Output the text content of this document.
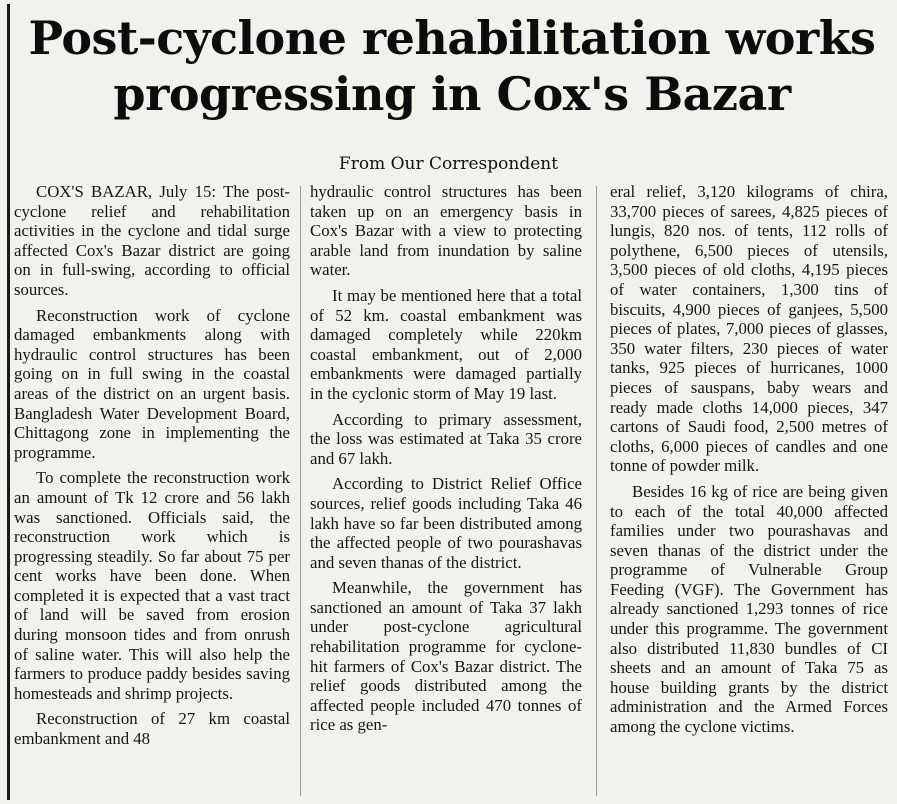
Post-cyclone rehabilitation works progressing in Cox's Bazar
From Our Correspondent

COX'S BAZAR, July 15: The post-cyclone relief and rehabilitation activities in the cyclone and tidal surge affected Cox's Bazar district are going on in full-swing, according to official sources.

Reconstruction work of cyclone damaged embankments along with hydraulic control structures has been going on in full swing in the coastal areas of the district on an urgent basis. Bangladesh Water Development Board, Chittagong zone in implementing the programme.

To complete the reconstruction work an amount of Tk 12 crore and 56 lakh was sanctioned. Officials said, the reconstruction work which is progressing steadily. So far about 75 per cent works have been done. When completed it is expected that a vast tract of land will be saved from erosion during monsoon tides and from onrush of saline water. This will also help the farmers to produce paddy besides saving homesteads and shrimp projects.

Reconstruction of 27 km coastal embankment and 48

hydraulic control structures has been taken up on an emergency basis in Cox's Bazar with a view to protecting arable land from inundation by saline water.

It may be mentioned here that a total of 52 km. coastal embankment was damaged completely while 220km coastal embankment, out of 2,000 embankments were damaged partially in the cyclonic storm of May 19 last.

According to primary assessment, the loss was estimated at Taka 35 crore and 67 lakh.

According to District Relief Office sources, relief goods including Taka 46 lakh have so far been distributed among the affected people of two pourashavas and seven thanas of the district.

Meanwhile, the government has sanctioned an amount of Taka 37 lakh under post-cyclone agricultural rehabilitation programme for cyclone-hit farmers of Cox's Bazar district. The relief goods distributed among the affected people included 470 tonnes of rice as gen-

eral relief, 3,120 kilograms of chira, 33,700 pieces of sarees, 4,825 pieces of lungis, 820 nos. of tents, 112 rolls of polythene, 6,500 pieces of utensils, 3,500 pieces of old cloths, 4,195 pieces of water containers, 1,300 tins of biscuits, 4,900 pieces of ganjees, 5,500 pieces of plates, 7,000 pieces of glasses, 350 water filters, 230 pieces of water tanks, 925 pieces of hurricanes, 1000 pieces of sauspans, baby wears and ready made cloths 14,000 pieces, 347 cartons of Saudi food, 2,500 metres of cloths, 6,000 pieces of candles and one tonne of powder milk.

Besides 16 kg of rice are being given to each of the total 40,000 affected families under two pourashavas and seven thanas of the district under the programme of Vulnerable Group Feeding (VGF). The Government has already sanctioned 1,293 tonnes of rice under this programme. The government also distributed 11,830 bundles of CI sheets and an amount of Taka 75 as house building grants by the district administration and the Armed Forces among the cyclone victims.
